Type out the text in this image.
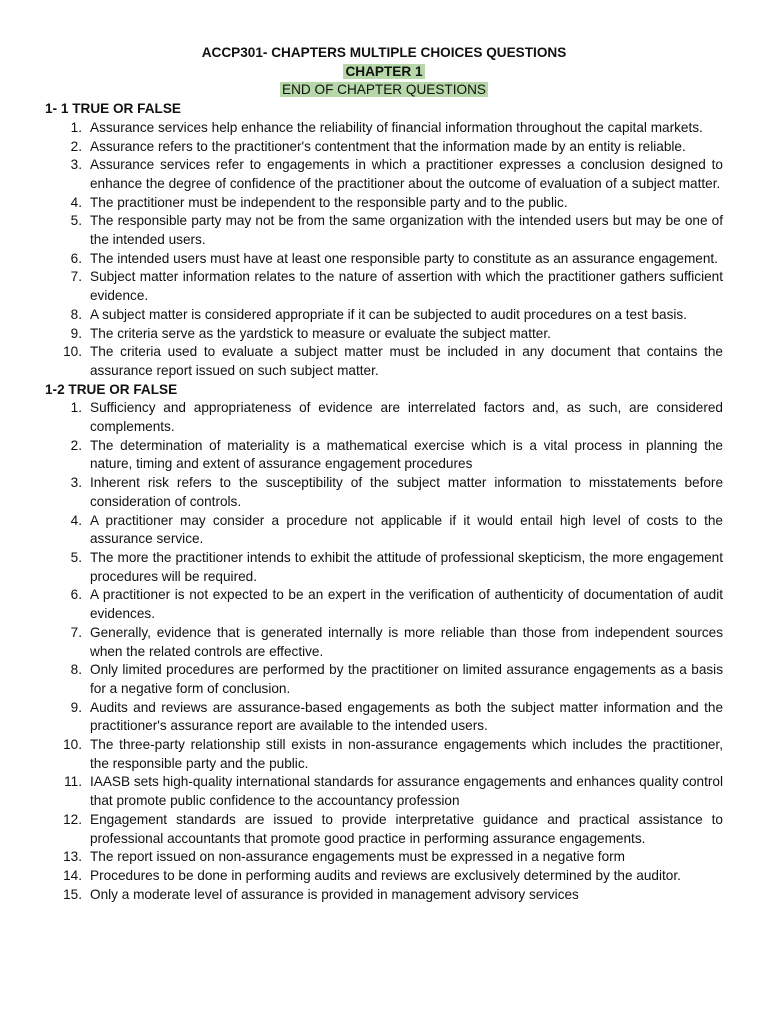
ACCP301- CHAPTERS MULTIPLE CHOICES QUESTIONS
CHAPTER 1
END OF CHAPTER QUESTIONS
1- 1 TRUE OR FALSE
1. Assurance services help enhance the reliability of financial information throughout the capital markets.
2. Assurance refers to the practitioner's contentment that the information made by an entity is reliable.
3. Assurance services refer to engagements in which a practitioner expresses a conclusion designed to enhance the degree of confidence of the practitioner about the outcome of evaluation of a subject matter.
4. The practitioner must be independent to the responsible party and to the public.
5. The responsible party may not be from the same organization with the intended users but may be one of the intended users.
6. The intended users must have at least one responsible party to constitute as an assurance engagement.
7. Subject matter information relates to the nature of assertion with which the practitioner gathers sufficient evidence.
8. A subject matter is considered appropriate if it can be subjected to audit procedures on a test basis.
9. The criteria serve as the yardstick to measure or evaluate the subject matter.
10. The criteria used to evaluate a subject matter must be included in any document that contains the assurance report issued on such subject matter.
1-2 TRUE OR FALSE
1. Sufficiency and appropriateness of evidence are interrelated factors and, as such, are considered complements.
2. The determination of materiality is a mathematical exercise which is a vital process in planning the nature, timing and extent of assurance engagement procedures
3. Inherent risk refers to the susceptibility of the subject matter information to misstatements before consideration of controls.
4. A practitioner may consider a procedure not applicable if it would entail high level of costs to the assurance service.
5. The more the practitioner intends to exhibit the attitude of professional skepticism, the more engagement procedures will be required.
6. A practitioner is not expected to be an expert in the verification of authenticity of documentation of audit evidences.
7. Generally, evidence that is generated internally is more reliable than those from independent sources when the related controls are effective.
8. Only limited procedures are performed by the practitioner on limited assurance engagements as a basis for a negative form of conclusion.
9. Audits and reviews are assurance-based engagements as both the subject matter information and the practitioner's assurance report are available to the intended users.
10. The three-party relationship still exists in non-assurance engagements which includes the practitioner, the responsible party and the public.
11. IAASB sets high-quality international standards for assurance engagements and enhances quality control that promote public confidence to the accountancy profession
12. Engagement standards are issued to provide interpretative guidance and practical assistance to professional accountants that promote good practice in performing assurance engagements.
13. The report issued on non-assurance engagements must be expressed in a negative form
14. Procedures to be done in performing audits and reviews are exclusively determined by the auditor.
15. Only a moderate level of assurance is provided in management advisory services
